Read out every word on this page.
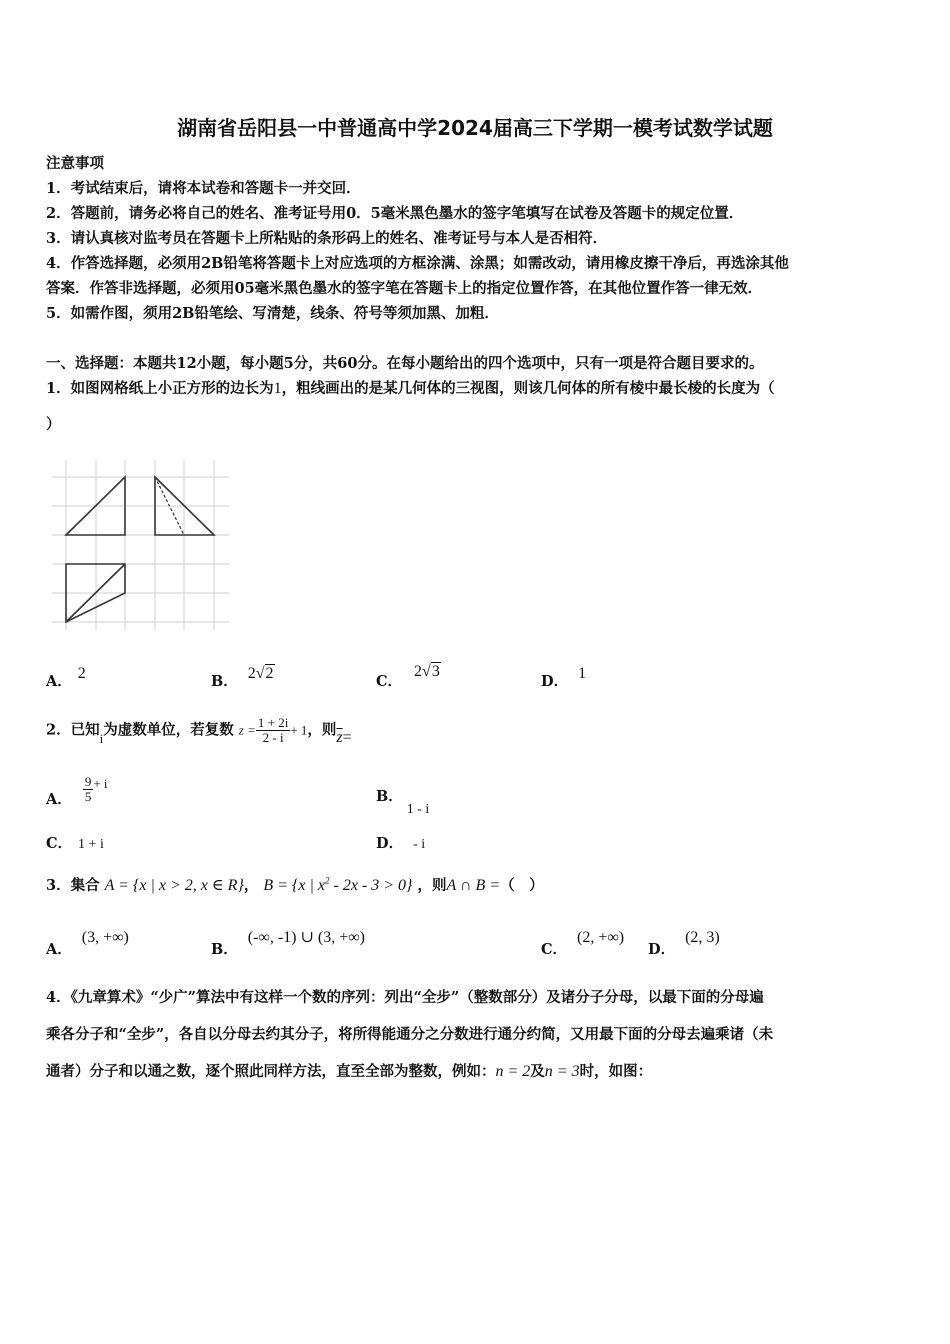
湖南省岳阳县一中普通高中学2024届高三下学期一模考试数学试题
注意事项
1．考试结束后，请将本试卷和答题卡一并交回．
2．答题前，请务必将自己的姓名、准考证号用0．5毫米黑色墨水的签字笔填写在试卷及答题卡的规定位置．
3．请认真核对监考员在答题卡上所粘贴的条形码上的姓名、准考证号与本人是否相符．
4．作答选择题，必须用2B铅笔将答题卡上对应选项的方框涂满、涂黑；如需改动，请用橡皮擦干净后，再选涂其他
答案．作答非选择题，必须用05毫米黑色墨水的签字笔在答题卡上的指定位置作答，在其他位置作答一律无效．
5．如需作图，须用2B铅笔绘、写清楚，线条、符号等须加黑、加粗．
一、选择题：本题共12小题，每小题5分，共60分。在每小题给出的四个选项中，只有一项是符合题目要求的。
1．如图网格纸上小正方形的边长为1，粗线画出的是某几何体的三视图，则该几何体的所有棱中最长棱的长度为（
）
A． 2	B． 2√2	C．2√3
D． 1
2．已知i为虚数单位，若复数 $z = \frac{1 + 2i}{2 - i} + 1$，则$\overline{z}=$
A． $\frac{9}{5} + i$
B．1 - i
C． 1 + i	D． - i
3．集合 A = {x | x > 2, x ∈ R}， B = {x | $x^2 - 2x - 3 > 0$} ，则A ∩ B =（　）
A．(3, +∞)
B．(-∞, -1) ∪ (3, +∞)
C．(2, +∞)
D．(2, 3)
4．《九章算术》“少广”算法中有这样一个数的序列：列出“全步”（整数部分）及诸分子分母，以最下面的分母遍
乘各分子和“全步”，各自以分母去约其分子，将所得能通分之分数进行通分约简，又用最下面的分母去遍乘诸（未
通者）分子和以通之数，逐个照此同样方法，直至全部为整数，例如：n = 2及n = 3时，如图：
